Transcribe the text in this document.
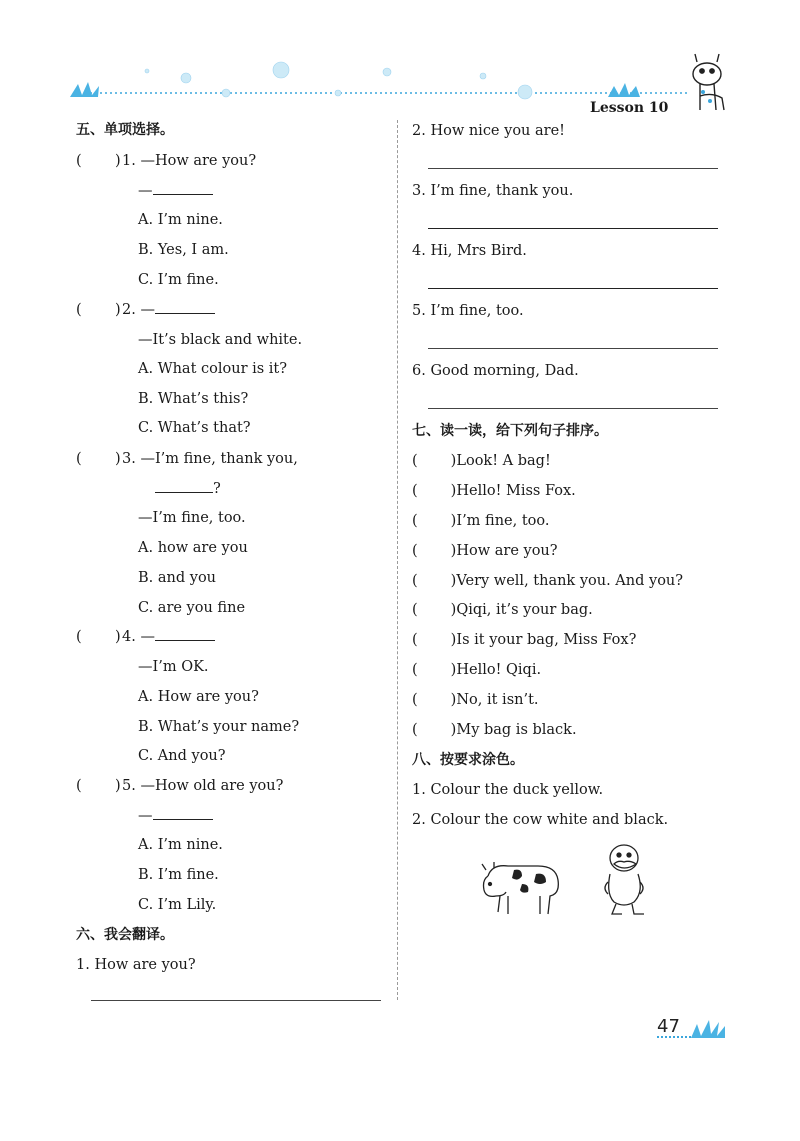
Lesson 10
五、单项选择。
( ) 1. —How are you?
—
A. I’m nine.
B. Yes, I am.
C. I’m fine.
( ) 2. —
—It’s black and white.
A. What colour is it?
B. What’s this?
C. What’s that?
( ) 3. —I’m fine, thank you,
?
—I’m fine, too.
A. how are you
B. and you
C. are you fine
( ) 4. —
—I’m OK.
A. How are you?
B. What’s your name?
C. And you?
( ) 5. —How old are you?
—
A. I’m nine.
B. I’m fine.
C. I’m Lily.
六、我会翻译。
1. How are you?
2. How nice you are!
3. I’m fine, thank you.
4. Hi, Mrs Bird.
5. I’m fine, too.
6. Good morning, Dad.
七、读一读，给下列句子排序。
( )Look! A bag!
( )Hello! Miss Fox.
( )I’m fine, too.
( )How are you?
( )Very well, thank you. And you?
( )Qiqi, it’s your bag.
( )Is it your bag, Miss Fox?
( )Hello! Qiqi.
( )No, it isn’t.
( )My bag is black.
八、按要求涂色。
1. Colour the duck yellow.
2. Colour the cow white and black.
47
